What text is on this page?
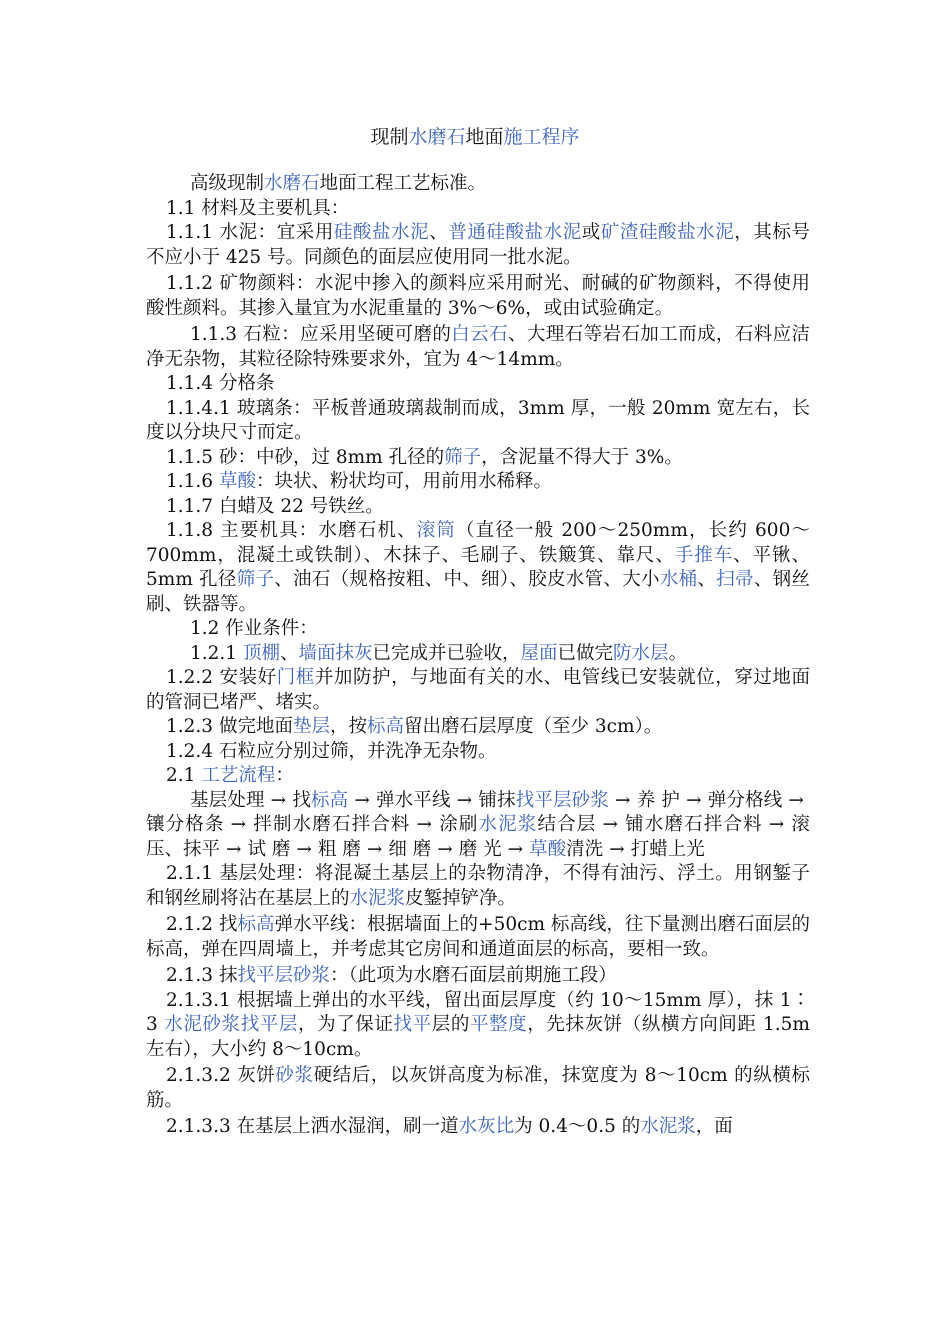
现制水磨石地面施工程序

高级现制水磨石地面工程工艺标准。

1.1 材料及主要机具：

1.1.1 水泥：宜采用硅酸盐水泥、普通硅酸盐水泥或矿渣硅酸盐水泥，其标号不应小于 425 号。同颜色的面层应使用同一批水泥。

1.1.2 矿物颜料：水泥中掺入的颜料应采用耐光、耐碱的矿物颜料，不得使用酸性颜料。其掺入量宜为水泥重量的 3%～6%，或由试验确定。

1.1.3 石粒：应采用坚硬可磨的白云石、大理石等岩石加工而成，石料应洁净无杂物，其粒径除特殊要求外，宜为 4～14mm。

1.1.4 分格条

1.1.4.1 玻璃条：平板普通玻璃裁制而成，3mm 厚，一般 20mm 宽左右，长度以分块尺寸而定。

1.1.5 砂：中砂，过 8mm 孔径的筛子，含泥量不得大于 3%。

1.1.6 草酸：块状、粉状均可，用前用水稀释。

1.1.7 白蜡及 22 号铁丝。

1.1.8 主要机具：水磨石机、滚筒（直径一般 200～250mm，长约 600～700mm，混凝土或铁制）、木抹子、毛刷子、铁簸箕、靠尺、手推车、平锹、5mm 孔径筛子、油石（规格按粗、中、细）、胶皮水管、大小水桶、扫帚、钢丝刷、铁器等。

1.2 作业条件：

1.2.1 顶棚、墙面抹灰已完成并已验收，屋面已做完防水层。

1.2.2 安装好门框并加防护，与地面有关的水、电管线已安装就位，穿过地面的管洞已堵严、堵实。

1.2.3 做完地面垫层，按标高留出磨石层厚度（至少 3cm）。

1.2.4 石粒应分别过筛，并洗净无杂物。

2.1 工艺流程：

基层处理 → 找标高 → 弹水平线 → 铺抹找平层砂浆 → 养 护 → 弹分格线 →镶分格条 → 拌制水磨石拌合料 → 涂刷水泥浆结合层 → 铺水磨石拌合料 → 滚压、抹平 → 试 磨 → 粗 磨 → 细 磨 → 磨 光 → 草酸清洗 → 打蜡上光

2.1.1 基层处理：将混凝土基层上的杂物清净，不得有油污、浮土。用钢錾子和钢丝刷将沾在基层上的水泥浆皮錾掉铲净。

2.1.2 找标高弹水平线：根据墙面上的+50cm 标高线，往下量测出磨石面层的标高，弹在四周墙上，并考虑其它房间和通道面层的标高，要相一致。

2.1.3 抹找平层砂浆：（此项为水磨石面层前期施工段）

2.1.3.1 根据墙上弹出的水平线，留出面层厚度（约 10～15mm 厚），抹 1∶ 3 水泥砂浆找平层，为了保证找平层的平整度，先抹灰饼（纵横方向间距 1.5m 左右），大小约 8～10cm。

2.1.3.2 灰饼砂浆硬结后，以灰饼高度为标准，抹宽度为 8～10cm 的纵横标筋。

2.1.3.3 在基层上洒水湿润，刷一道水灰比为 0.4～0.5 的水泥浆，面
